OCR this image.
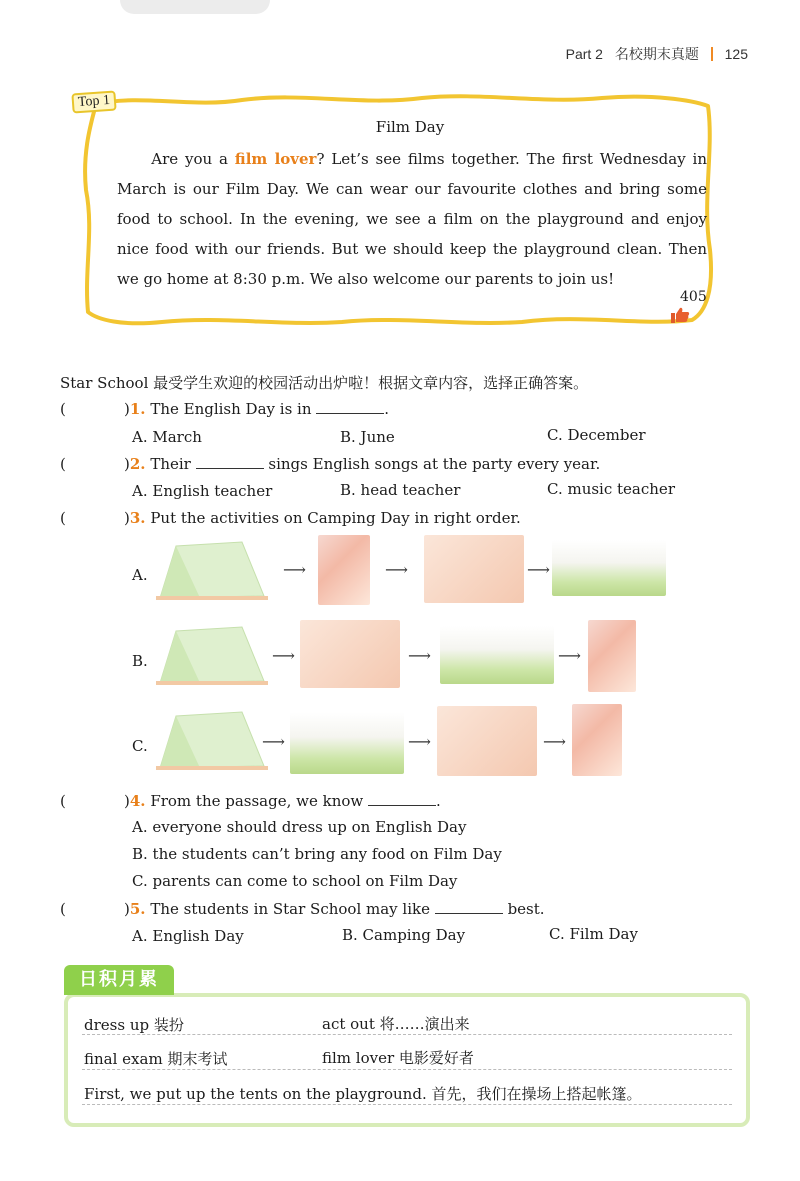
Part 2 名校期末真题 125
Top 1
Film Day
Are you a film lover? Let’s see films together. The first Wednesday in March is our Film Day. We can wear our favourite clothes and bring some food to school. In the evening, we see a film on the playground and enjoy nice food with our friends. But we should keep the playground clean. Then we go home at 8:30 p.m. We also welcome our parents to join us!
405
Star School 最受学生欢迎的校园活动出炉啦！根据文章内容，选择正确答案。
(	)1. The English Day is in	.
A. March	B. June	C. December
(	)2. Their	sings English songs at the party every year.
A. English teacher	B. head teacher	C. music teacher
(	)3. Put the activities on Camping Day in right order.
A.	⟶	⟶	⟶
B.	⟶	⟶	⟶
C.	⟶	⟶	⟶
(	)4. From the passage, we know	.
A. everyone should dress up on English Day
B. the students can’t bring any food on Film Day
C. parents can come to school on Film Day
(	)5. The students in Star School may like	best.
A. English Day	B. Camping Day	C. Film Day
日积月累
dress up 装扮	act out 将……演出来
final exam 期末考试	film lover 电影爱好者
First, we put up the tents on the playground. 首先，我们在操场上搭起帐篷。
